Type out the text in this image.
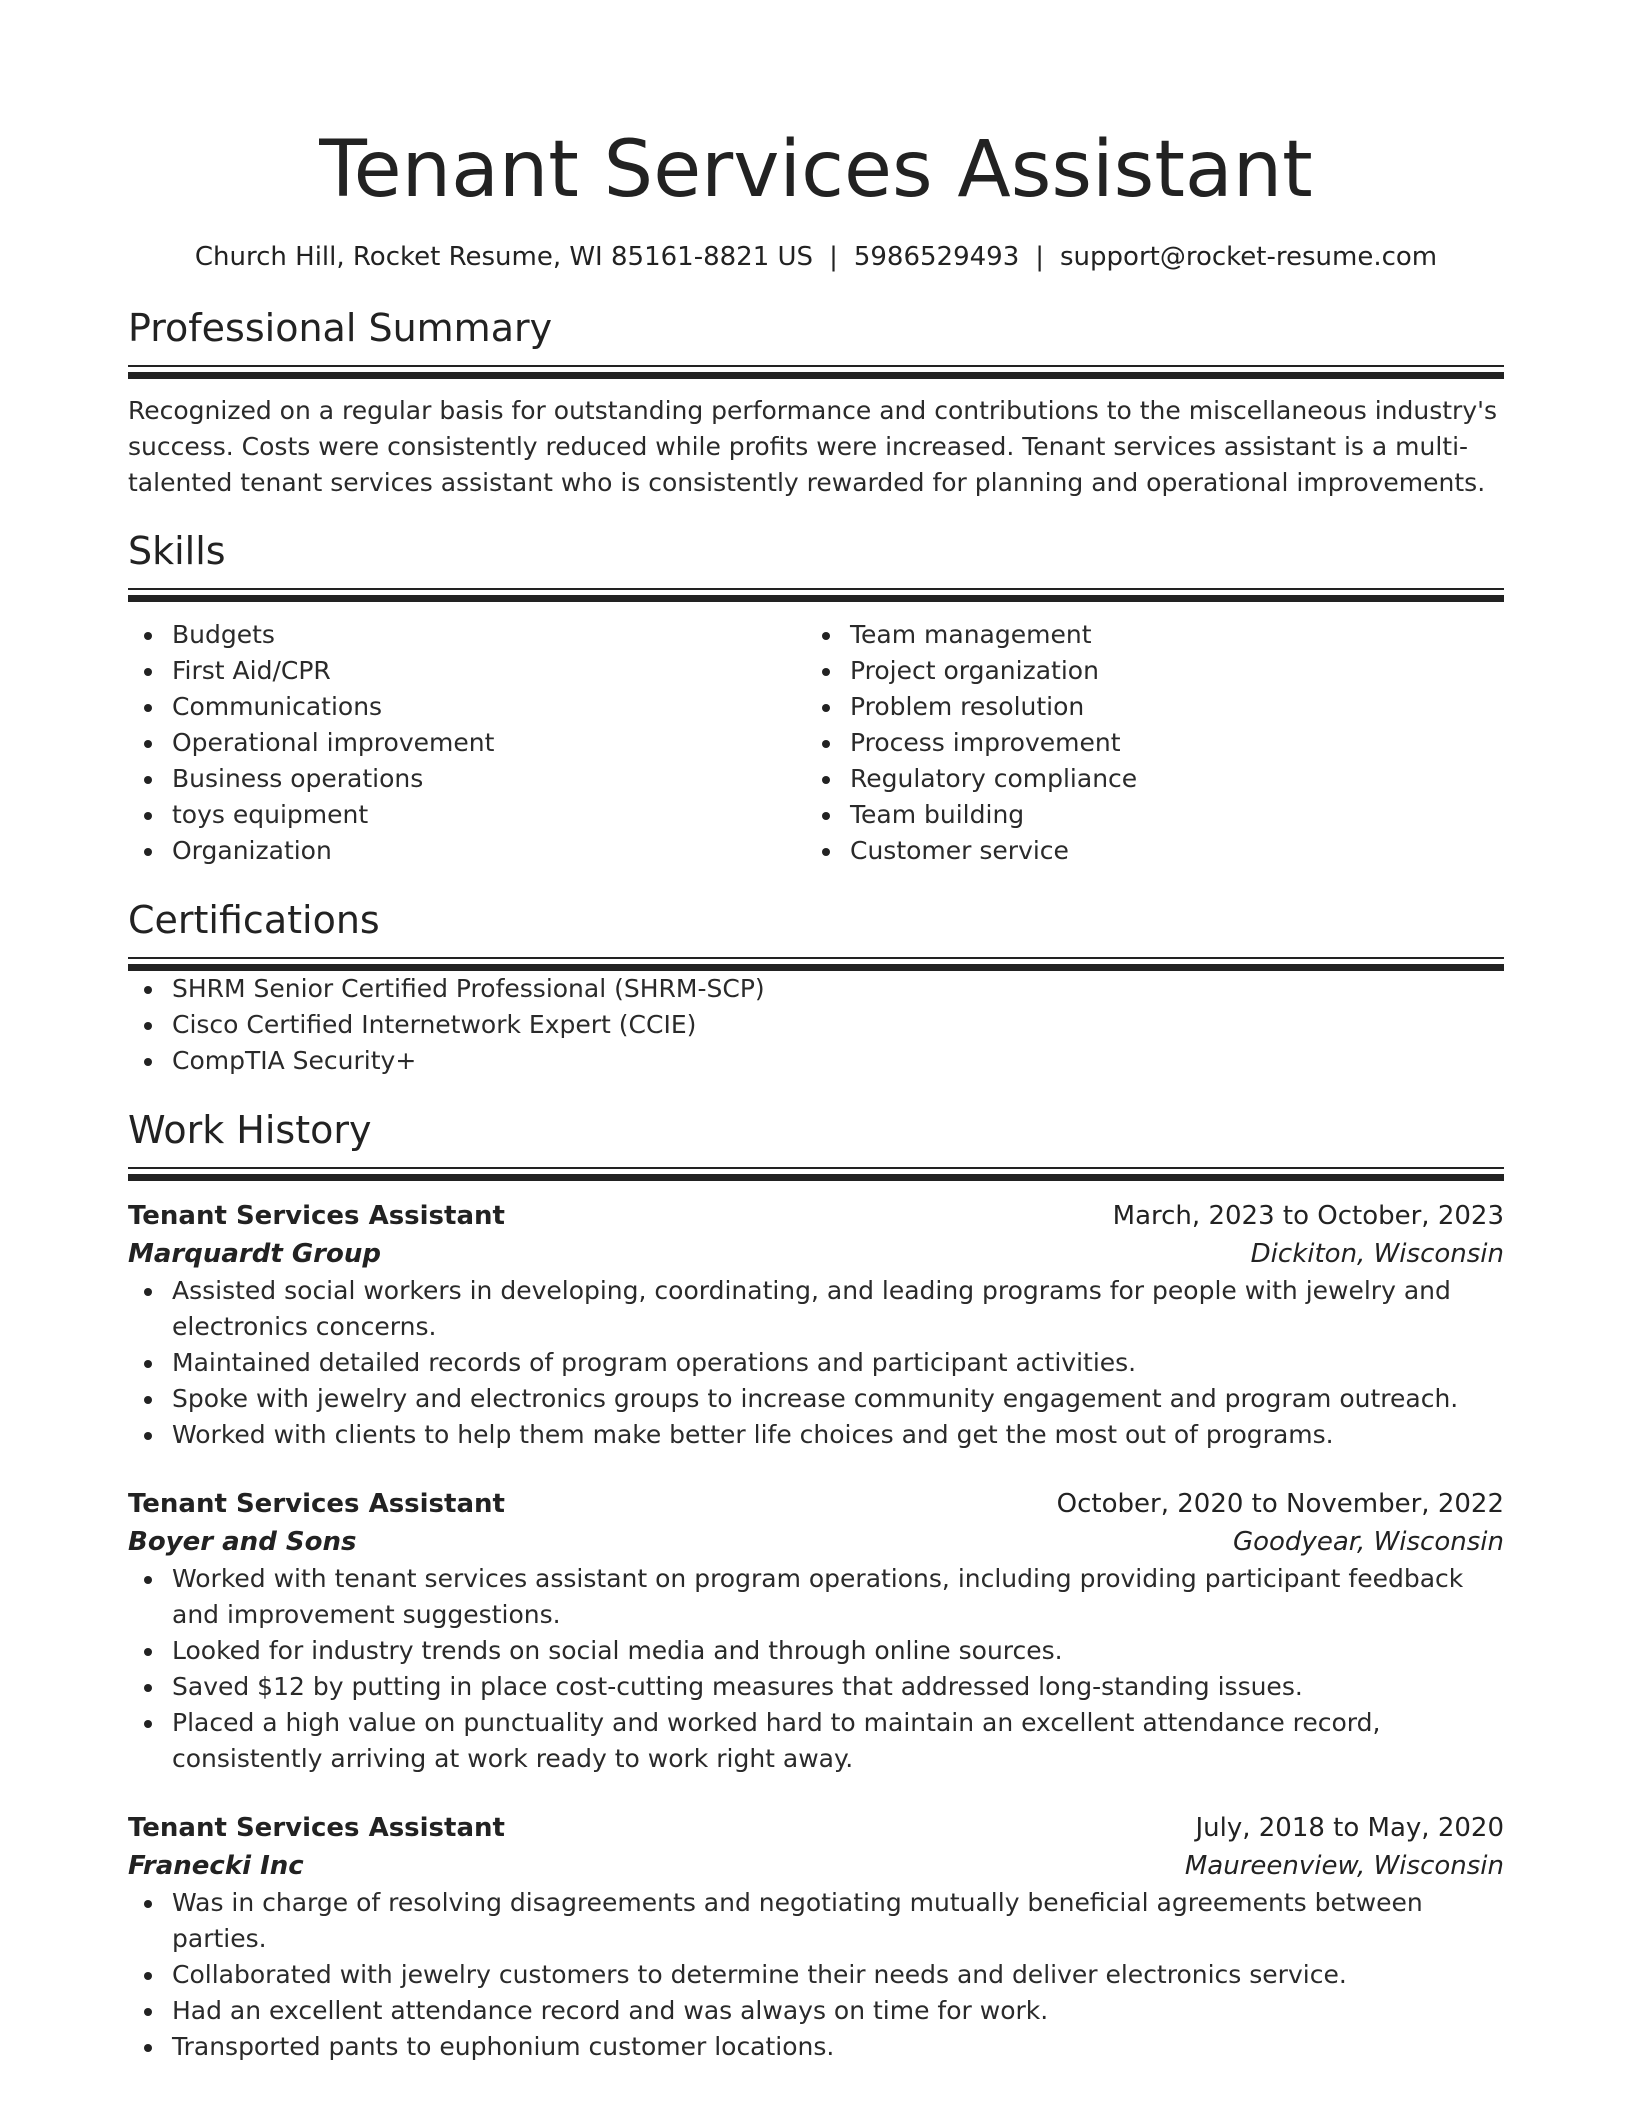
Tenant Services Assistant
Church Hill, Rocket Resume, WI 85161-8821 US | 5986529493 | support@rocket-resume.com
Professional Summary

Recognized on a regular basis for outstanding performance and contributions to the miscellaneous industry's success. Costs were consistently reduced while profits were increased. Tenant services assistant is a multi-talented tenant services assistant who is consistently rewarded for planning and operational improvements.

Skills
Budgets
First Aid/CPR
Communications
Operational improvement
Business operations
toys equipment
Organization
Team management
Project organization
Problem resolution
Process improvement
Regulatory compliance
Team building
Customer service
Certifications
SHRM Senior Certified Professional (SHRM-SCP)
Cisco Certified Internetwork Expert (CCIE)
CompTIA Security+
Work History
Tenant Services Assistant	March, 2023 to October, 2023
Marquardt Group	Dickiton, Wisconsin
Assisted social workers in developing, coordinating, and leading programs for people with jewelry and electronics concerns.
Maintained detailed records of program operations and participant activities.
Spoke with jewelry and electronics groups to increase community engagement and program outreach.
Worked with clients to help them make better life choices and get the most out of programs.
Tenant Services Assistant	October, 2020 to November, 2022
Boyer and Sons	Goodyear, Wisconsin
Worked with tenant services assistant on program operations, including providing participant feedback and improvement suggestions.
Looked for industry trends on social media and through online sources.
Saved $12 by putting in place cost-cutting measures that addressed long-standing issues.
Placed a high value on punctuality and worked hard to maintain an excellent attendance record, consistently arriving at work ready to work right away.
Tenant Services Assistant	July, 2018 to May, 2020
Franecki Inc	Maureenview, Wisconsin
Was in charge of resolving disagreements and negotiating mutually beneficial agreements between parties.
Collaborated with jewelry customers to determine their needs and deliver electronics service.
Had an excellent attendance record and was always on time for work.
Transported pants to euphonium customer locations.
